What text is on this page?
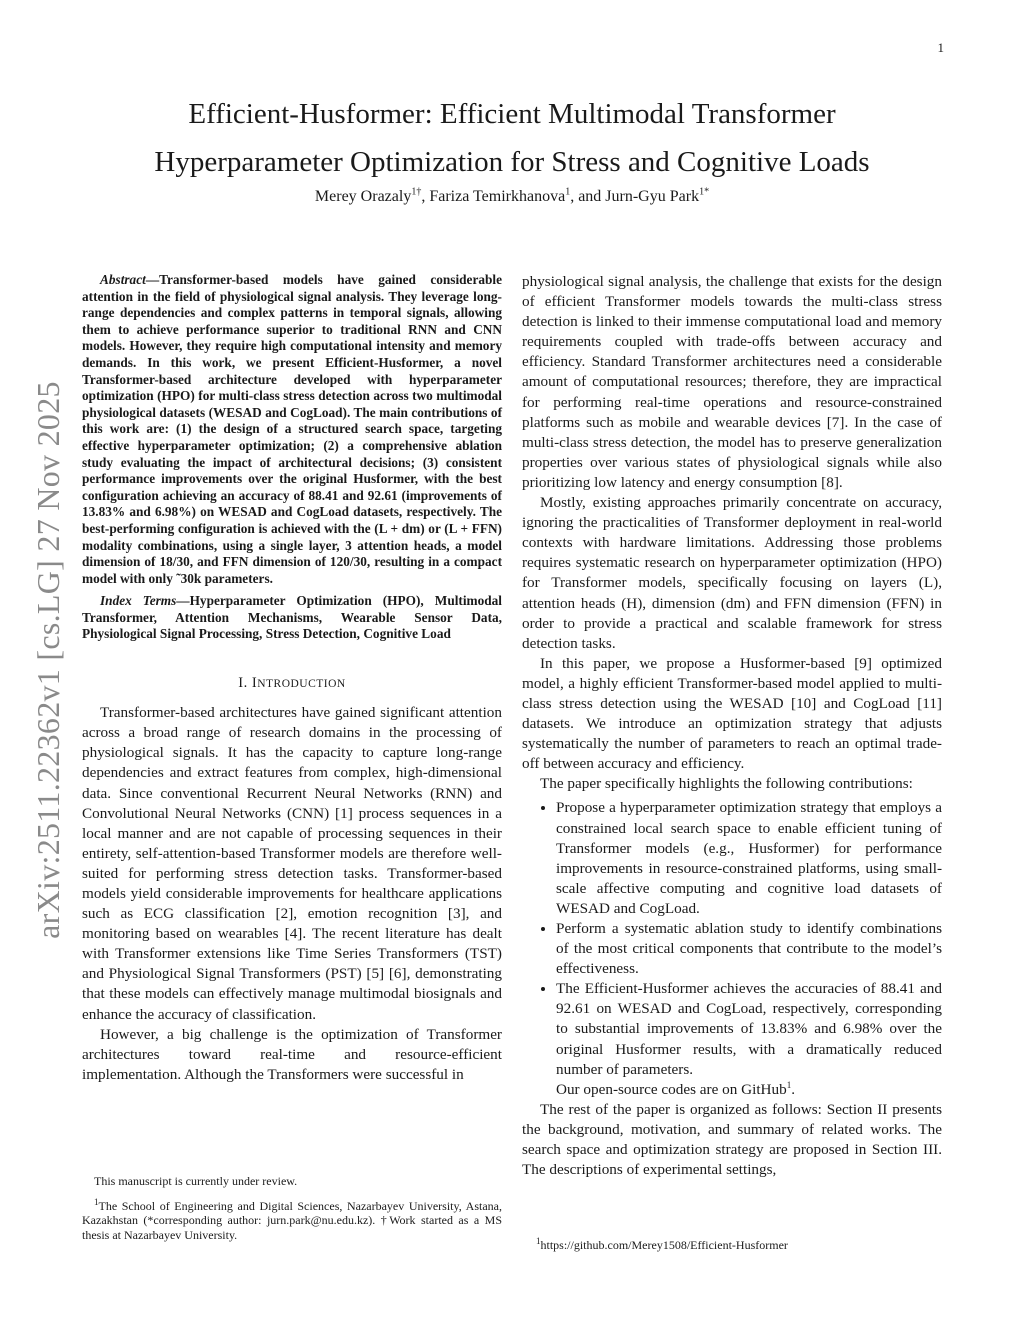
1
arXiv:2511.22362v1 [cs.LG] 27 Nov 2025
Efficient-Husformer: Efficient Multimodal Transformer
Hyperparameter Optimization for Stress and Cognitive Loads
Merey Orazaly$^{1\dagger}$, Fariza Temirkhanova$^1$, and Jurn-Gyu Park$^{1*}$

Abstract—Transformer-based models have gained considerable attention in the field of physiological signal analysis. They leverage long-range dependencies and complex patterns in temporal signals, allowing them to achieve performance superior to traditional RNN and CNN models. However, they require high computational intensity and memory demands. In this work, we present Efficient-Husformer, a novel Transformer-based architecture developed with hyperparameter optimization (HPO) for multi-class stress detection across two multimodal physiological datasets (WESAD and CogLoad). The main contributions of this work are: (1) the design of a structured search space, targeting effective hyperparameter optimization; (2) a comprehensive ablation study evaluating the impact of architectural decisions; (3) consistent performance improvements over the original Husformer, with the best configuration achieving an accuracy of 88.41 and 92.61 (improvements of 13.83% and 6.98%) on WESAD and CogLoad datasets, respectively. The best-performing configuration is achieved with the (L + dm) or (L + FFN) modality combinations, using a single layer, 3 attention heads, a model dimension of 18/30, and FFN dimension of 120/30, resulting in a compact model with only ˜30k parameters.

Index Terms—Hyperparameter Optimization (HPO), Multimodal Transformer, Attention Mechanisms, Wearable Sensor Data, Physiological Signal Processing, Stress Detection, Cognitive Load

I. INTRODUCTION

Transformer-based architectures have gained significant attention across a broad range of research domains in the processing of physiological signals. It has the capacity to capture long-range dependencies and extract features from complex, high-dimensional data. Since conventional Recurrent Neural Networks (RNN) and Convolutional Neural Networks (CNN) [1] process sequences in a local manner and are not capable of processing sequences in their entirety, self-attention-based Transformer models are therefore well-suited for performing stress detection tasks. Transformer-based models yield considerable improvements for healthcare applications such as ECG classification [2], emotion recognition [3], and monitoring based on wearables [4]. The recent literature has dealt with Transformer extensions like Time Series Transformers (TST) and Physiological Signal Transformers (PST) [5] [6], demonstrating that these models can effectively manage multimodal biosignals and enhance the accuracy of classification.

However, a big challenge is the optimization of Transformer architectures toward real-time and resource-efficient implementation. Although the Transformers were successful in

physiological signal analysis, the challenge that exists for the design of efficient Transformer models towards the multi-class stress detection is linked to their immense computational load and memory requirements coupled with trade-offs between accuracy and efficiency. Standard Transformer architectures need a considerable amount of computational resources; therefore, they are impractical for performing real-time operations and resource-constrained platforms such as mobile and wearable devices [7]. In the case of multi-class stress detection, the model has to preserve generalization properties over various states of physiological signals while also prioritizing low latency and energy consumption [8].

Mostly, existing approaches primarily concentrate on accuracy, ignoring the practicalities of Transformer deployment in real-world contexts with hardware limitations. Addressing those problems requires systematic research on hyperparameter optimization (HPO) for Transformer models, specifically focusing on layers (L), attention heads (H), dimension (dm) and FFN dimension (FFN) in order to provide a practical and scalable framework for stress detection tasks.

In this paper, we propose a Husformer-based [9] optimized model, a highly efficient Transformer-based model applied to multi-class stress detection using the WESAD [10] and CogLoad [11] datasets. We introduce an optimization strategy that adjusts systematically the number of parameters to reach an optimal trade-off between accuracy and efficiency.

The paper specifically highlights the following contributions:

• Propose a hyperparameter optimization strategy that employs a constrained local search space to enable efficient tuning of Transformer models (e.g., Husformer) for performance improvements in resource-constrained platforms, using small-scale affective computing and cognitive load datasets of WESAD and CogLoad.
• Perform a systematic ablation study to identify combinations of the most critical components that contribute to the model’s effectiveness.
• The Efficient-Husformer achieves the accuracies of 88.41 and 92.61 on WESAD and CogLoad, respectively, corresponding to substantial improvements of 13.83% and 6.98% over the original Husformer results, with a dramatically reduced number of parameters.

Our open-source codes are on GitHub$^1$.

The rest of the paper is organized as follows: Section II presents the background, motivation, and summary of related works. The search space and optimization strategy are proposed in Section III. The descriptions of experimental settings,

This manuscript is currently under review.

$^1$The School of Engineering and Digital Sciences, Nazarbayev University, Astana, Kazakhstan (*corresponding author: jurn.park@nu.edu.kz). †Work started as a MS thesis at Nazarbayev University.	$^1$https://github.com/Merey1508/Efficient-Husformer
